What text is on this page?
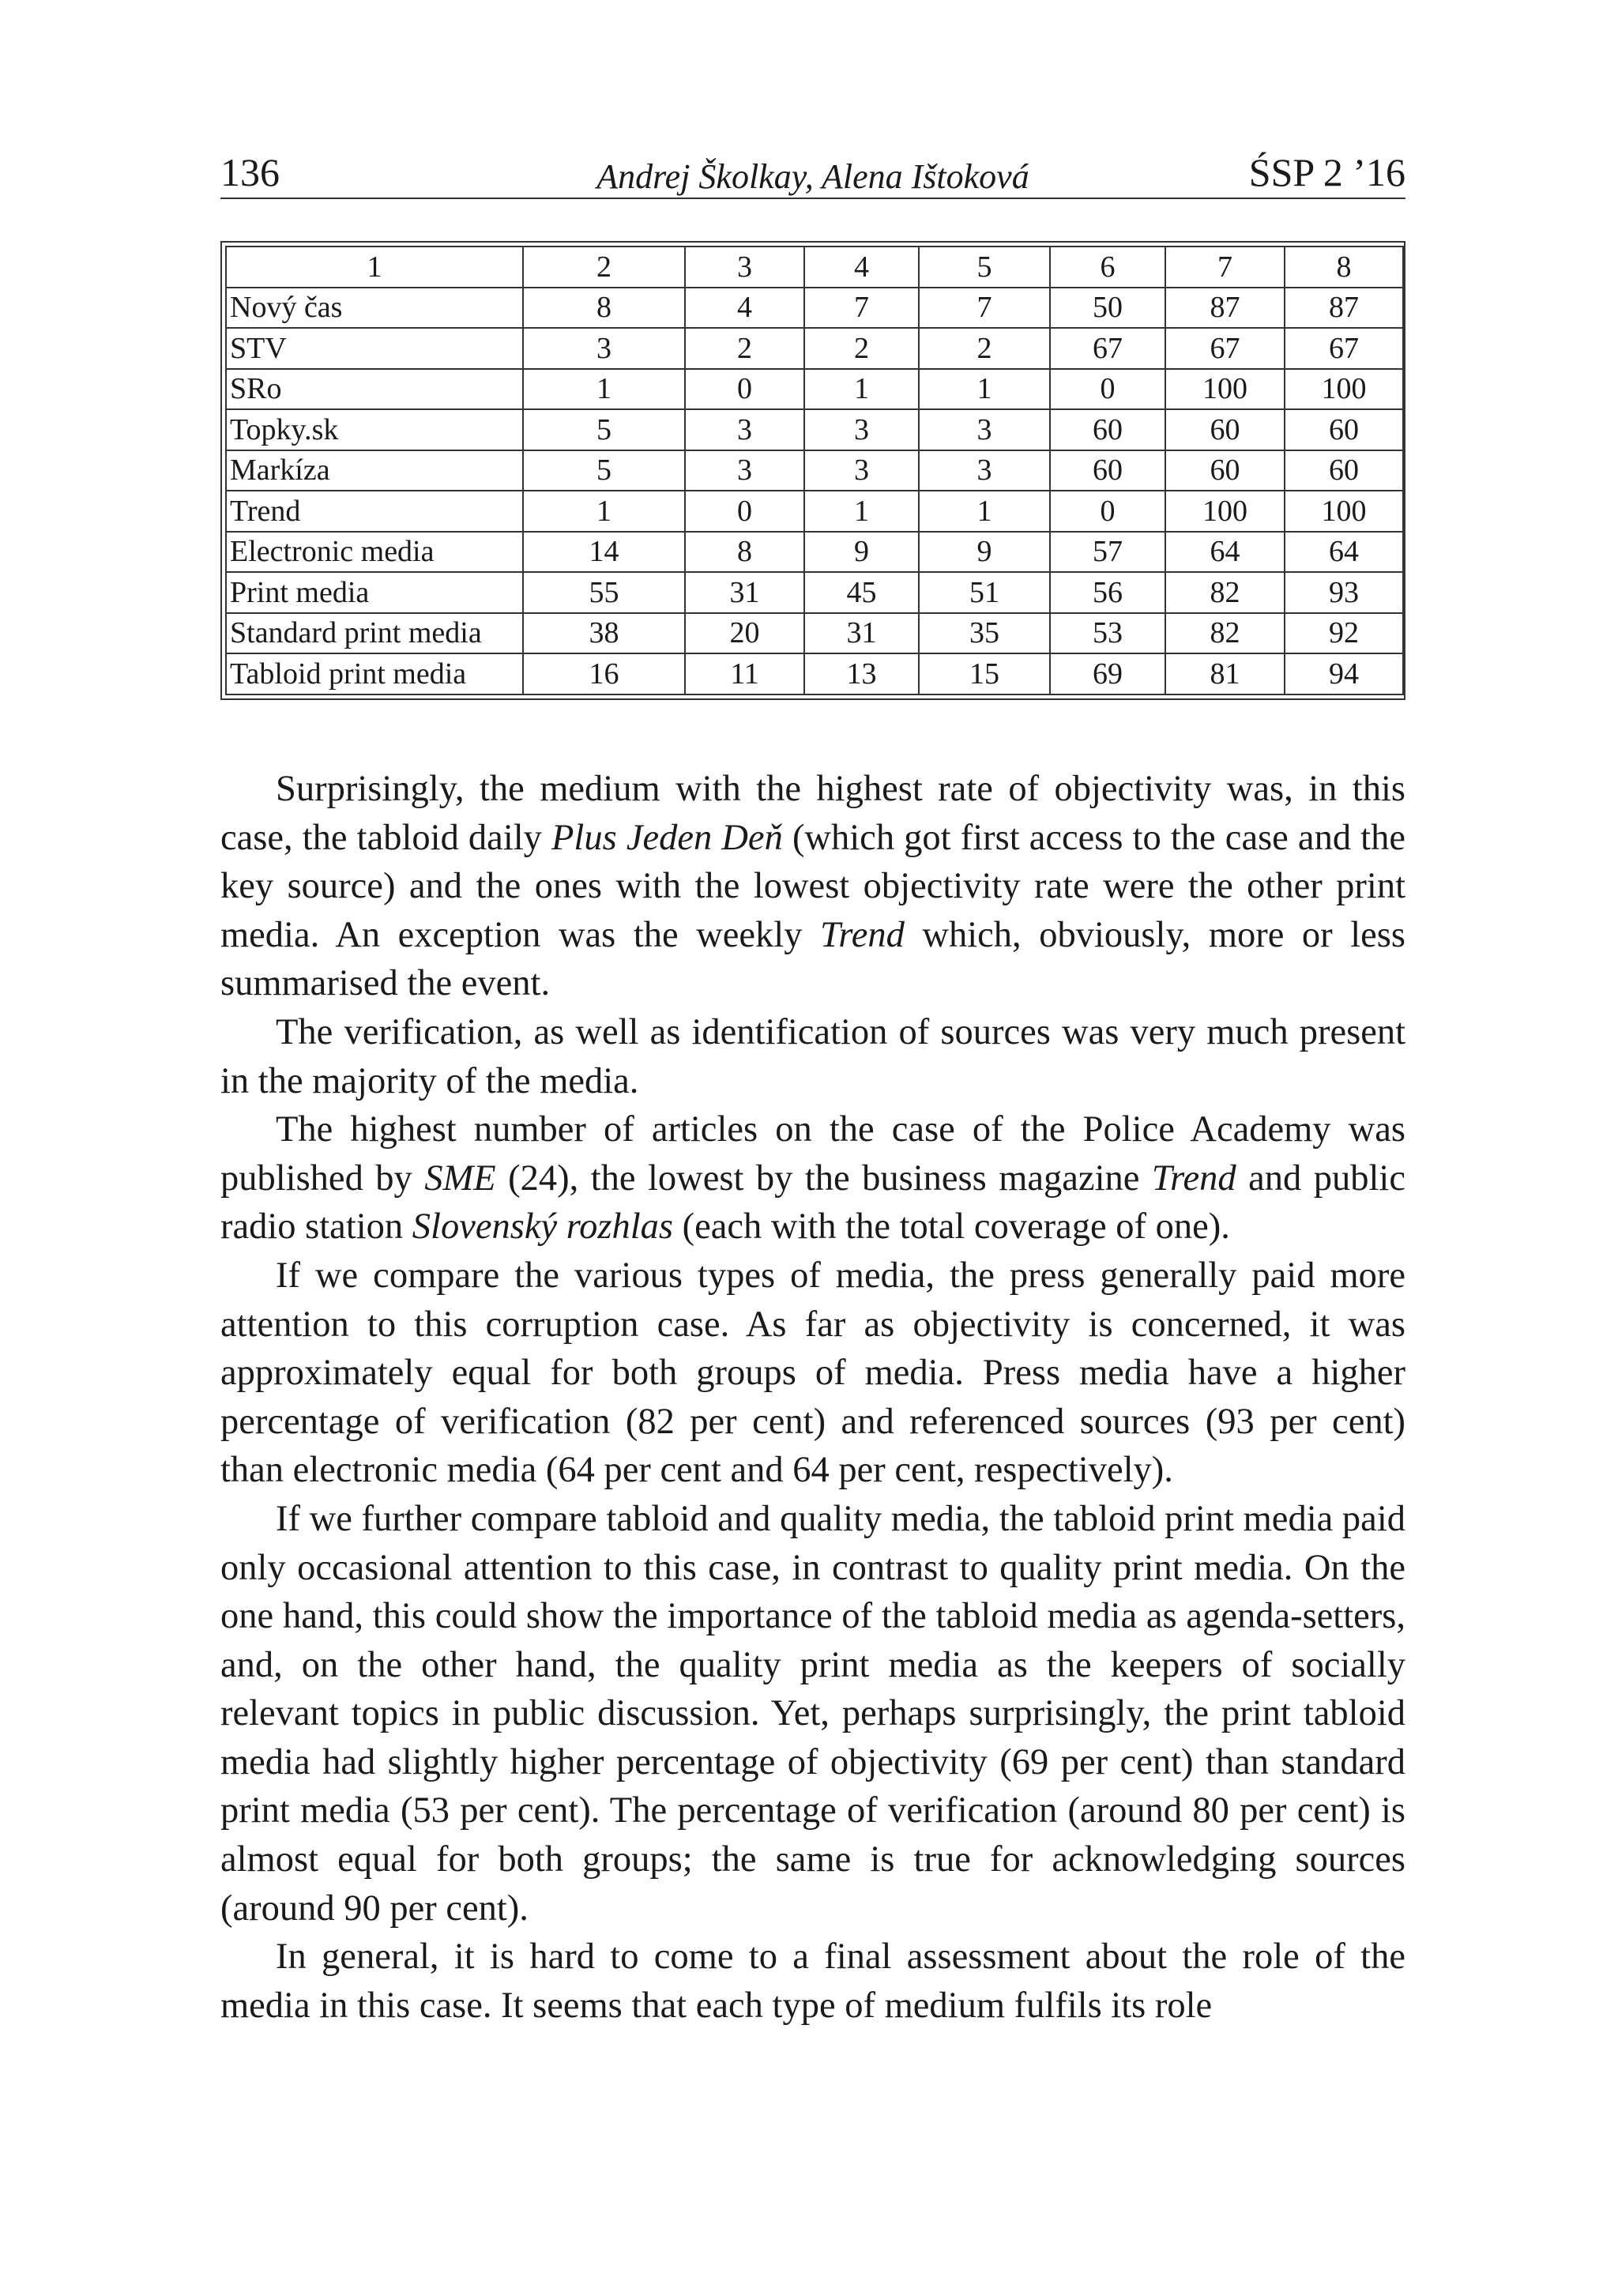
136	Andrej Školkay, Alena Ištoková	ŚSP 2 ’16
1	2	3	4	5	6	7	8
Nový čas	8	4	7	7	50	87	87
STV	3	2	2	2	67	67	67
SRo	1	0	1	1	0	100	100
Topky.sk	5	3	3	3	60	60	60
Markíza	5	3	3	3	60	60	60
Trend	1	0	1	1	0	100	100
Electronic media	14	8	9	9	57	64	64
Print media	55	31	45	51	56	82	93
Standard print media	38	20	31	35	53	82	92
Tabloid print media	16	11	13	15	69	81	94

Surprisingly, the medium with the highest rate of objectivity was, in this case, the tabloid daily Plus Jeden Deň (which got first access to the case and the key source) and the ones with the lowest objectivity rate were the other print media. An exception was the weekly Trend which, obviously, more or less summarised the event.

The verification, as well as identification of sources was very much present in the majority of the media.

The highest number of articles on the case of the Police Academy was published by SME (24), the lowest by the business magazine Trend and public radio station Slovenský rozhlas (each with the total coverage of one).

If we compare the various types of media, the press generally paid more attention to this corruption case. As far as objectivity is concerned, it was approximately equal for both groups of media. Press media have a higher percentage of verification (82 per cent) and referenced sources (93 per cent) than electronic media (64 per cent and 64 per cent, respectively).

If we further compare tabloid and quality media, the tabloid print media paid only occasional attention to this case, in contrast to quality print media. On the one hand, this could show the importance of the tabloid media as agenda-setters, and, on the other hand, the quality print media as the keepers of socially relevant topics in public discussion. Yet, perhaps surprisingly, the print tabloid media had slightly higher percentage of objectivity (69 per cent) than standard print media (53 per cent). The percentage of verification (around 80 per cent) is almost equal for both groups; the same is true for acknowledging sources (around 90 per cent).

In general, it is hard to come to a final assessment about the role of the media in this case. It seems that each type of medium fulfils its role
